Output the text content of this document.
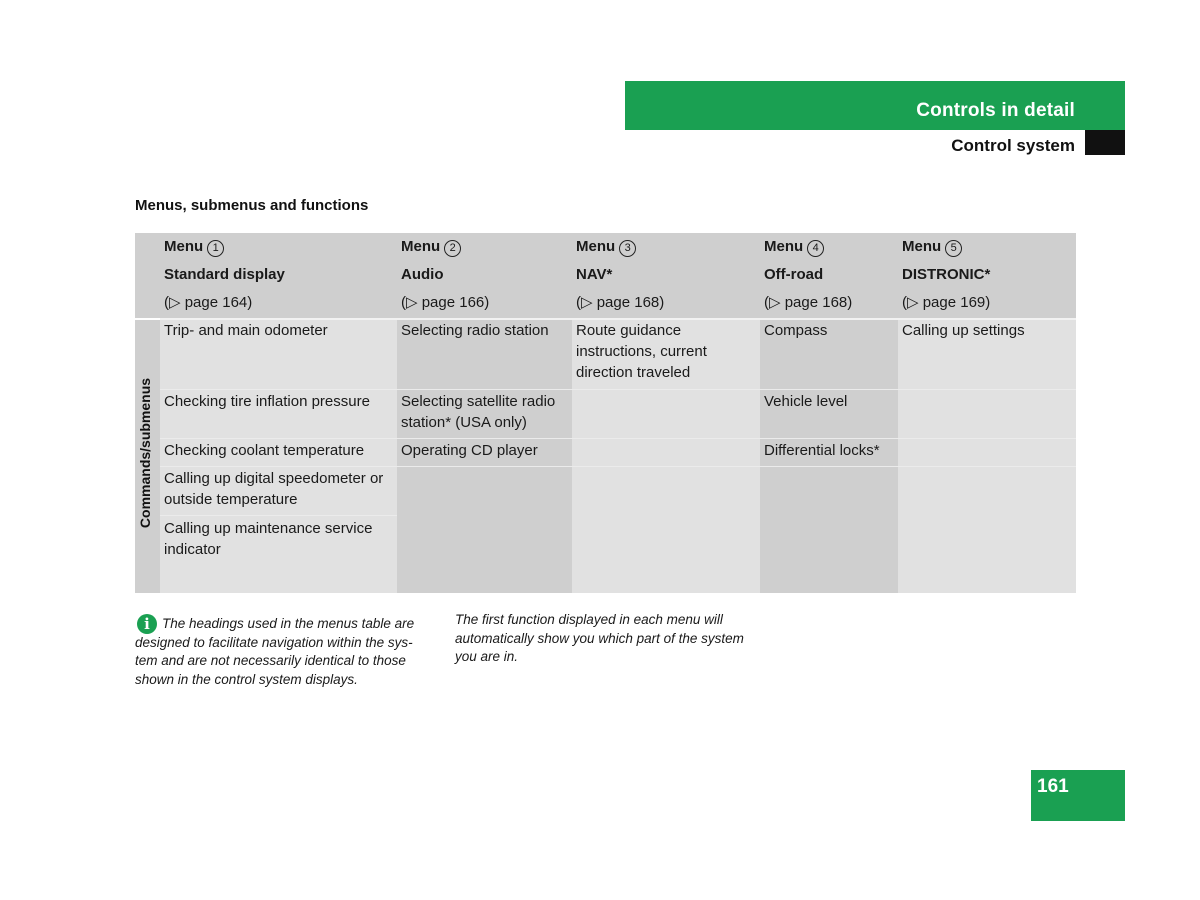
Controls in detail
Control system
Menus, submenus and functions
Commands/submenus
Menu 1
Standard display
(▷ page 164)
Menu 2
Audio
(▷ page 166)
Menu 3
NAV*
(▷ page 168)
Menu 4
Off-road
(▷ page 168)
Menu 5
DISTRONIC*
(▷ page 169)
Trip- and main odometer
Checking tire inflation pressure
Checking coolant temperature
Calling up digital speedometer or outside temperature
Calling up maintenance service indicator
Selecting radio station
Selecting satellite radio station* (USA only)
Operating CD player
Route guidance instructions, current direction traveled
Compass
Vehicle level
Differential locks*
Calling up settings
i The headings used in the menus table are designed to facilitate navigation within the sys-tem and are not necessarily identical to those shown in the control system displays.
The first function displayed in each menu will automatically show you which part of the system you are in.
161
